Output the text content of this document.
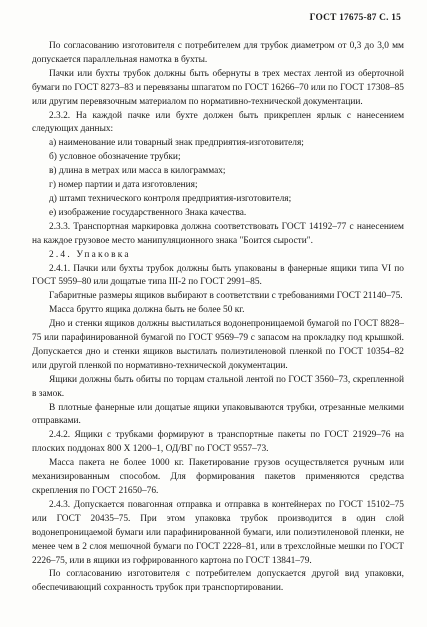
ГОСТ 17675-87 С. 15

По согласованию изготовителя с потребителем для трубок диаметром от 0,3 до 3,0 мм допускается параллельная намотка в бухты.

Пачки или бухты трубок должны быть обернуты в трех местах лентой из оберточной бумаги по ГОСТ 8273–83 и перевязаны шпагатом по ГОСТ 16266–70 или по ГОСТ 17308–85 или другим перевязочным материалом по нормативно-технической документации.

2.3.2. На каждой пачке или бухте должен быть прикреплен ярлык с нанесением следующих данных:

а) наименование или товарный знак предприятия-изготовителя;

б) условное обозначение трубки;

в) длина в метрах или масса в килограммах;

г) номер партии и дата изготовления;

д) штамп технического контроля предприятия-изготовителя;

е) изображение государственного Знака качества.

2.3.3. Транспортная маркировка должна соответствовать ГОСТ 14192–77 с нанесением на каждое грузовое место манипуляционного знака "Боится сырости".

2.4. Упаковка

2.4.1. Пачки или бухты трубок должны быть упакованы в фанерные ящики типа VI по ГОСТ 5959–80 или дощатые типа III-2 по ГОСТ 2991–85.

Габаритные размеры ящиков выбирают в соответствии с требованиями ГОСТ 21140–75.

Масса брутто ящика должна быть не более 50 кг.

Дно и стенки ящиков должны выстилаться водонепроницаемой бумагой по ГОСТ 8828–75 или парафинированной бумагой по ГОСТ 9569–79 с запасом на прокладку под крышкой. Допускается дно и стенки ящиков выстилать полиэтиленовой пленкой по ГОСТ 10354–82 или другой пленкой по нормативно-технической документации.

Ящики должны быть обиты по торцам стальной лентой по ГОСТ 3560–73, скрепленной в замок.

В плотные фанерные или дощатые ящики упаковываются трубки, отрезанные мелкими отправками.

2.4.2. Ящики с трубками формируют в транспортные пакеты по ГОСТ 21929–76 на плоских поддонах 800 Х 1200–1, ОД/ВГ по ГОСТ 9557–73.

Масса пакета не более 1000 кг. Пакетирование грузов осуществляется ручным или механизированным способом. Для формирования пакетов применяются средства скрепления по ГОСТ 21650–76.

2.4.3. Допускается повагонная отправка и отправка в контейнерах по ГОСТ 15102–75 или ГОСТ 20435–75. При этом упаковка трубок производится в один слой водонепроницаемой бумаги или парафинированной бумаги, или полиэтиленовой пленки, не менее чем в 2 слоя мешочной бумаги по ГОСТ 2228–81, или в трехслойные мешки по ГОСТ 2226–75, или в ящики из гофрированного картона по ГОСТ 13841–79.

По согласованию изготовителя с потребителем допускается другой вид упаковки, обеспечивающий сохранность трубок при транспортировании.
